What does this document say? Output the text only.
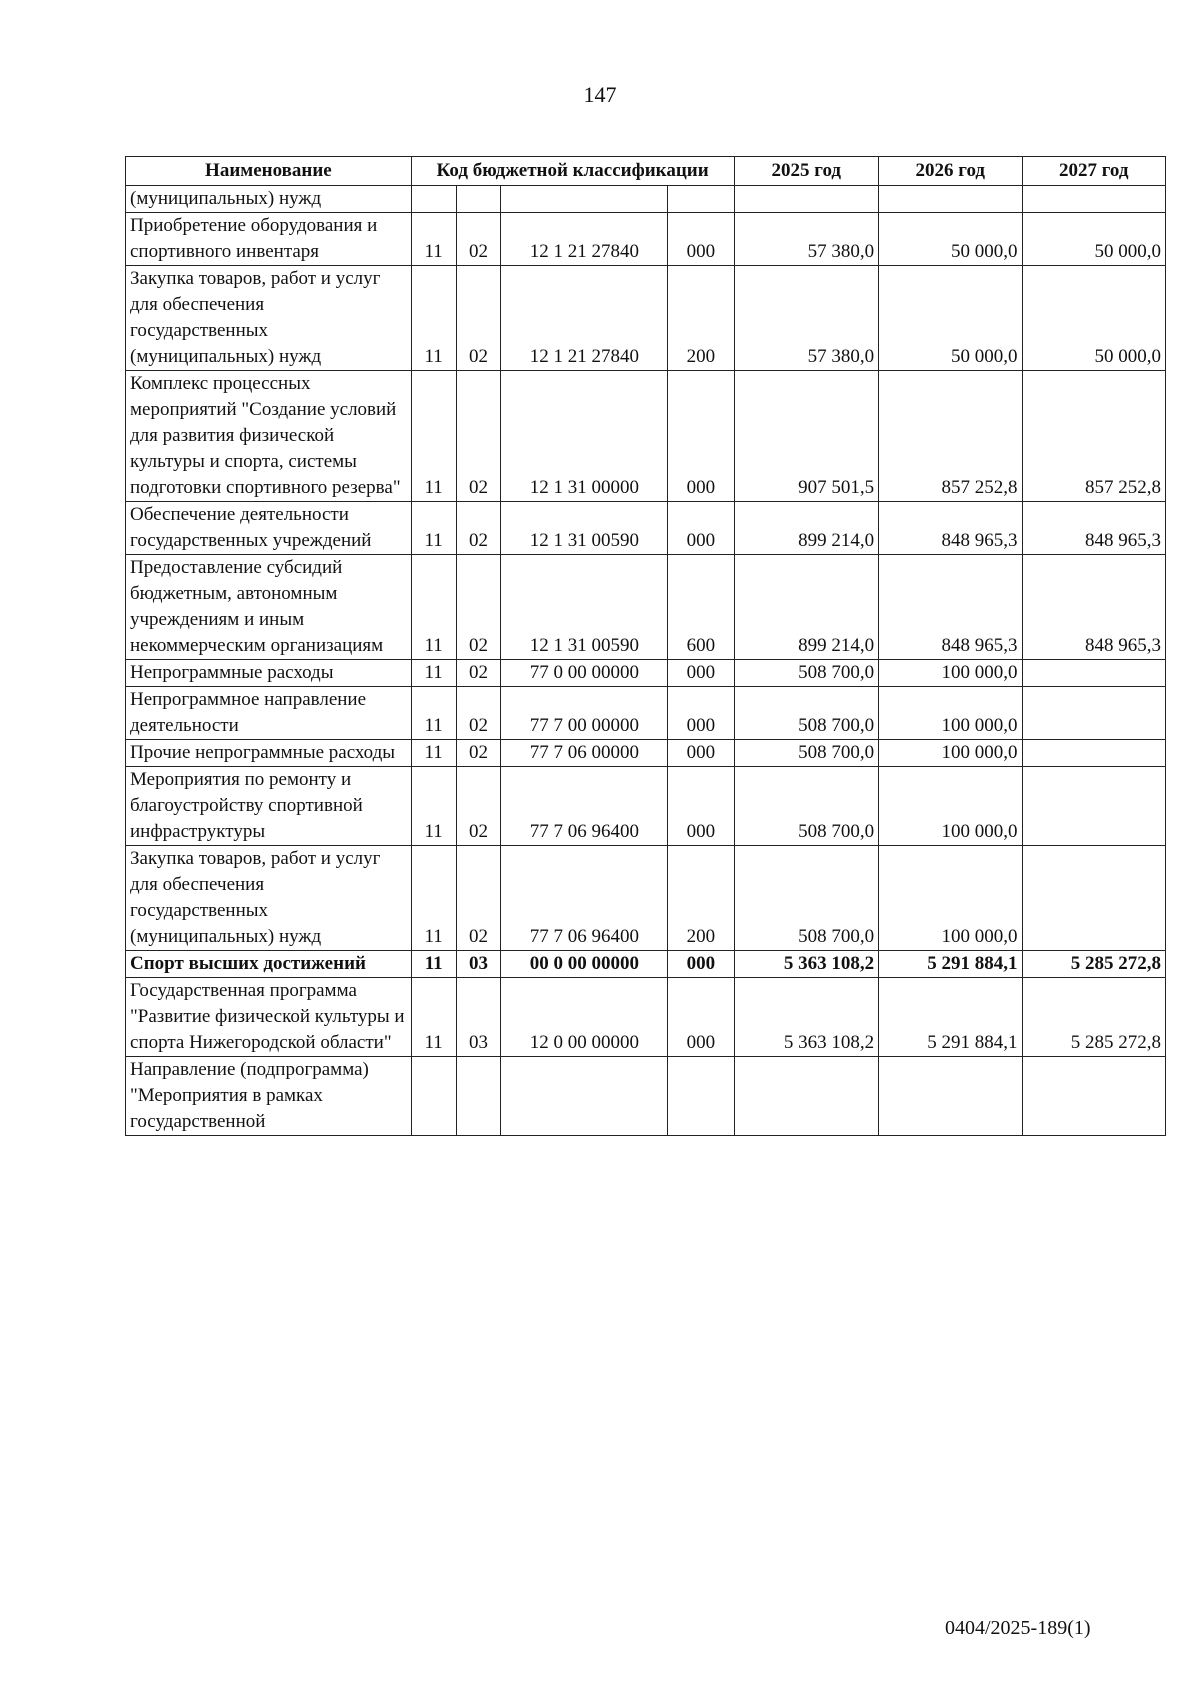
147
Наименование	Код бюджетной классификации				2025 год	2026 год	2027 год
(муниципальных) нужд							
Приобретение оборудования и спортивного инвентаря	11	02	12 1 21 27840	000	57 380,0	50 000,0	50 000,0
Закупка товаров, работ и услуг для обеспечения государственных (муниципальных) нужд	11	02	12 1 21 27840	200	57 380,0	50 000,0	50 000,0
Комплекс процессных мероприятий "Создание условий для развития физической культуры и спорта, системы подготовки спортивного резерва"	11	02	12 1 31 00000	000	907 501,5	857 252,8	857 252,8
Обеспечение деятельности государственных учреждений	11	02	12 1 31 00590	000	899 214,0	848 965,3	848 965,3
Предоставление субсидий бюджетным, автономным учреждениям и иным некоммерческим организациям	11	02	12 1 31 00590	600	899 214,0	848 965,3	848 965,3
Непрограммные расходы	11	02	77 0 00 00000	000	508 700,0	100 000,0	
Непрограммное направление деятельности	11	02	77 7 00 00000	000	508 700,0	100 000,0	
Прочие непрограммные расходы	11	02	77 7 06 00000	000	508 700,0	100 000,0	
Мероприятия по ремонту и благоустройству спортивной инфраструктуры	11	02	77 7 06 96400	000	508 700,0	100 000,0	
Закупка товаров, работ и услуг для обеспечения государственных (муниципальных) нужд	11	02	77 7 06 96400	200	508 700,0	100 000,0	
Спорт высших достижений	11	03	00 0 00 00000	000	5 363 108,2	5 291 884,1	5 285 272,8
Государственная программа "Развитие физической культуры и спорта Нижегородской области"	11	03	12 0 00 00000	000	5 363 108,2	5 291 884,1	5 285 272,8
Направление (подпрограмма) "Мероприятия в рамках государственной							
0404/2025-189(1)
